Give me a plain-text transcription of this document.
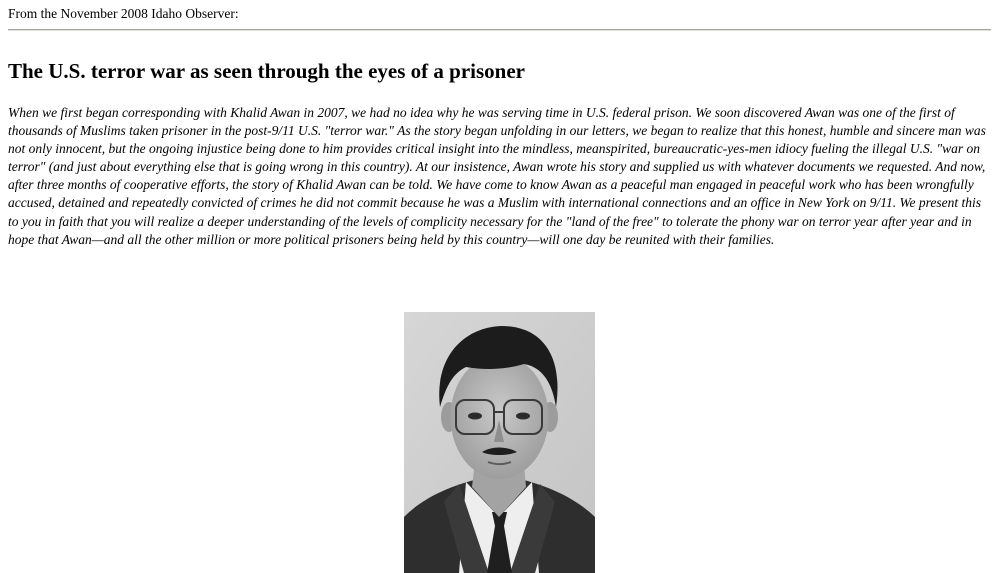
From the November 2008 Idaho Observer:
The U.S. terror war as seen through the eyes of a prisoner

When we first began corresponding with Khalid Awan in 2007, we had no idea why he was serving time in U.S. federal prison. We soon discovered Awan was one of the first of thousands of Muslims taken prisoner in the post-9/11 U.S. "terror war." As the story began unfolding in our letters, we began to realize that this honest, humble and sincere man was not only innocent, but the ongoing injustice being done to him provides critical insight into the mindless, meanspirited, bureaucratic-yes-men idiocy fueling the illegal U.S. "war on terror" (and just about everything else that is going wrong in this country). At our insistence, Awan wrote his story and supplied us with whatever documents we requested. And now, after three months of cooperative efforts, the story of Khalid Awan can be told. We have come to know Awan as a peaceful man engaged in peaceful work who has been wrongfully accused, detained and repeatedly convicted of crimes he did not commit because he was a Muslim with international connections and an office in New York on 9/11. We present this to you in faith that you will realize a deeper understanding of the levels of complicity necessary for the "land of the free" to tolerate the phony war on terror year after year and in hope that Awan—and all the other million or more political prisoners being held by this country—will one day be reunited with their families.
